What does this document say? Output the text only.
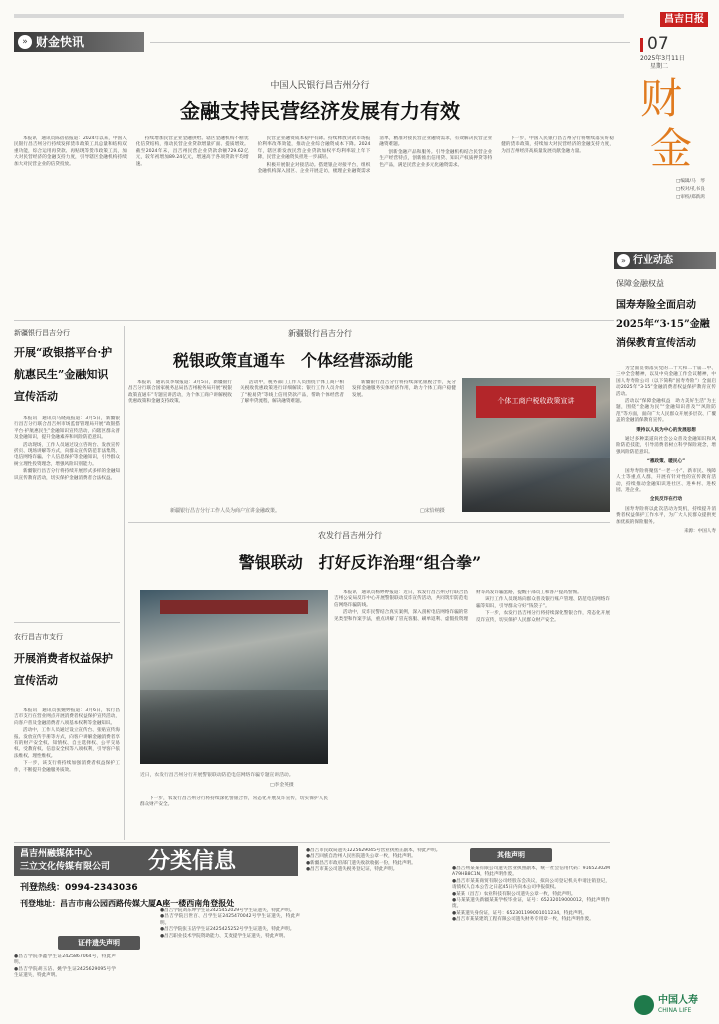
» 财金快讯
昌吉日报
07
2025年3月11日
星期二
财
金
□编辑/马　琴
□校对/孔书良
□审校/郑新鸿
» 行业动态
中国人民银行昌吉州分行
金融支持民营经济发展有力有效

本报讯　通讯员陈蓓蓓报道：2024年以来，中国人民银行昌吉州分行持续发挥货币政策工具总量和结构双重功能，综合运用再贷款、再贴现等货币政策工具，加大对民营经济的金融支持力度，引导辖区金融机构持续加大对民营企业的信贷投放。

持续增加民营企业金融供给。辖区金融机构不断优化信贷结构，推动民营企业贷款增量扩面、提质增效。截至2024年末，昌吉州民营企业贷款余额729.62亿元，较年初增加89.24亿元，增速高于各项贷款平均增速。

民营企业融资成本稳中有降。持续释放贷款市场报价利率改革效能，推动企业综合融资成本下降。2024年，辖区新发放民营企业贷款加权平均利率较上年下降，民营企业融资负担进一步减轻。

积极开展银企对接活动。搭建银企对接平台，组织金融机构深入园区、企业开展走访，梳理企业融资需求清单，精准对接民营企业融资需求，有效解决民营企业融资难题。

创新金融产品和服务。引导金融机构结合民营企业生产经营特点，创新推出信用贷、知识产权质押贷等特色产品，满足民营企业多元化融资需求。

下一步，中国人民银行昌吉州分行将继续落实好稳健的货币政策，持续加大对民营经济的金融支持力度，为昌吉州经济高质量发展贡献金融力量。

新疆银行昌吉分行
开展“政银搭平台·护航惠民生”金融知识宣传活动

本报讯　通讯员马晓霞报道：3月5日，新疆银行昌吉分行联合昌吉州市场监督管理局开展“政银搭平台·护航惠民生”金融知识宣传活动，向辖区群众普及金融知识，提升金融素养和风险防范意识。

活动现场，工作人员通过设立咨询台、发放宣传折页、现场讲解等方式，向群众宣传防范非法集资、电信网络诈骗、个人信息保护等金融知识，引导群众树立理性投资理念，增强风险识别能力。

新疆银行昌吉分行将持续开展形式多样的金融知识宣传教育活动，切实保护金融消费者合法权益。

农行昌吉市支行
开展消费者权益保护宣传活动

本报讯　通讯员张婉婷报道：3月6日，农行昌吉市支行在营业网点开展消费者权益保护宣传活动，向客户普及金融消费者八项基本权利等金融知识。

活动中，工作人员通过设立宣传台、张贴宣传海报、发放宣传手册等方式，向客户讲解金融消费者享有的财产安全权、知情权、自主选择权、公平交易权、受教育权、信息安全权等八项权利，引导客户依法维权、理性维权。

下一步，该支行将持续加强消费者权益保护工作，不断提升金融服务质效。

新疆银行昌吉分行
税银政策直通车　个体经营添动能

本报讯　通讯员李瑞报道：3月5日，新疆银行昌吉分行联合国家税务总局昌吉州税务局开展“税银政策直通车”专题宣讲活动，为个体工商户讲解税收优惠政策和金融支持政策。

活动中，税务部门工作人员围绕个体工商户相关税收优惠政策进行详细解读；银行工作人员介绍了“税易贷”等线上信用贷款产品，帮助个体经营者了解申贷流程，解决融资难题。

新疆银行昌吉分行将持续深化银税合作，充分发挥金融服务实体经济作用，助力个体工商户稳健发展。

个体工商户税收政策宣讲
新疆银行昌吉分行工作人员为商户宣讲金融政策。	□宋恰纳摄
农发行昌吉州分行
警银联动　打好反诈治理“组合拳”
近日，农发行昌吉州分行开展警银联动防范电信网络诈骗专题宣讲活动。
□李金英摄

本报讯　通讯员杨婷婷报道：近日，农发行昌吉州分行联合昌吉州公安局反诈中心开展警银联动反诈宣传活动，共同筑牢防范电信网络诈骗防线。

活动中，反诈民警结合真实案例，深入剖析电信网络诈骗的常见类型和作案手法，重点讲解了冒充客服、刷单返利、虚假投资理财等高发诈骗套路，提醒干部员工和客户提高警惕。

该行工作人员现场向群众普及银行账户管理、防范电信网络诈骗等知识，引导群众守好“钱袋子”。

下一步，农发行昌吉州分行将持续深化警银合作，常态化开展反诈宣传，切实保护人民群众财产安全。

下一步，农发行昌吉州分行将持续深化警银合作，常态化开展反诈宣传，切实保护人民群众财产安全。

保障金融权益
国寿寿险全面启动2025年“3·15”金融消保教育宣传活动

为全面贯彻落实党的二十大和二十届二中、三中全会精神，以及中央金融工作会议精神，中国人寿寿险公司（以下简称“国寿寿险”）全面启动2025年“3·15”金融消费者权益保护教育宣传活动。

活动以“保障金融权益　助力美好生活”为主题，围绕“金融为民”“金融知识普及”“风险防范”等方面，面向广大人民群众开展多层次、广覆盖的金融消保教育宣传。

秉持以人民为中心的发展思想

通过多种渠道向社会公众普及金融知识和风险防范技能，引导消费者树立科学保险观念，增强风险防范意识。

“惠政策、暖民心”

国寿寿险将聚焦“一老一小”、新市民、残障人士等重点人群，开展有针对性的宣传教育活动，持续推动金融知识进社区、进乡村、进校园、进企业。

全民反诈在行动

国寿寿险将以此次活动为契机，持续提升消费者权益保护工作水平，为广大人民群众提供更加优质的保险服务。

来源：中国人寿
中国人寿
CHINA LIFE
昌吉州融媒体中心
三立文化传媒有限公司 分类信息
刊登热线：0994-2343036
刊登地址：昌吉市南公园西路传媒大厦A座一楼西南角登报处
证件遗失声明
●昌吉学院李鑫学生证2425867064号，特此声明。
●昌吉学院胡玉洁、姚学生证2425629095号学生证遗失，特此声明。
●昌吉学院刘东坤学生证2425452029号学生证遗失，特此声明。
●昌吉学院吕世百、吕学生证2425470042号学生证遗失，特此声明。
●昌吉学院张玉洁学生证2425425252号学生证遗失，特此声明。
●昌吉职业技术学院资助能力、艾麦提学生证遗失，特此声明。
●昌吉市民政局遗失1225629045号营业执照正副本，特此声明。
●昌吉回族自治州人民医院遗失公章一枚，特此声明。
●新疆昌吉市政府部门遗失收款收据一份，特此声明。
●昌吉市某公司遗失税务登记证，特此声明。
其他声明
●昌吉州某某有限公司遗失营业执照副本，统一社会信用代码：91652302MA79HB8C1N，特此声明作废。
●昌吉市某某商贸有限公司经股东会决议，拟向公司登记机关申请注销登记，请债权人自本公告之日起45日内向本公司申报债权。
●某某（昌吉）农业科技有限公司遗失公章一枚，特此声明。
●马某某遗失新疆某某学校毕业证，证号：65232019000012，特此声明作废。
●某某遗失身份证，证号：652301199001011234，特此声明。
●昌吉市某某建筑工程有限公司遗失财务专用章一枚，特此声明作废。
